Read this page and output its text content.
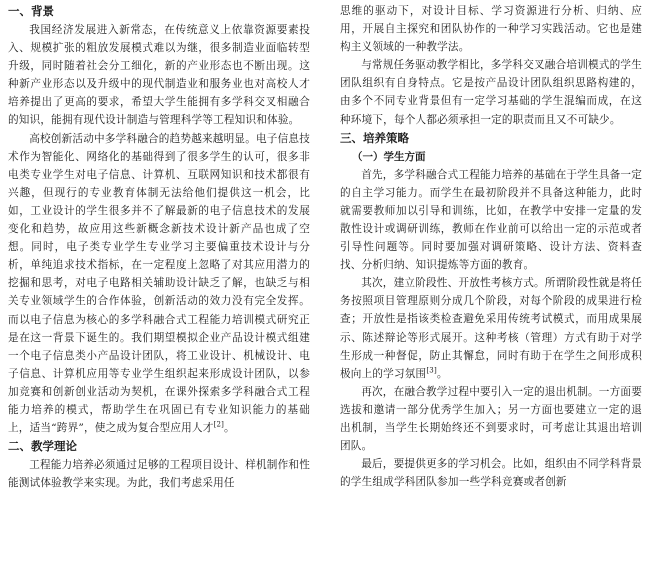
一、背景

我国经济发展进入新常态，在传统意义上依靠资源要素投入、规模扩张的粗放发展模式难以为继，很多制造业面临转型升级，同时随着社会分工细化，新的产业形态也不断出现。这种新产业形态以及升级中的现代制造业和服务业也对高校人才培养提出了更高的要求，希望大学生能拥有多学科交叉相融合的知识，能拥有现代设计制造与管理科学等工程知识和体验。

高校创新活动中多学科融合的趋势越来越明显。电子信息技术作为智能化、网络化的基础得到了很多学生的认可，很多非电类专业学生对电子信息、计算机、互联网知识和技术都很有兴趣，但现行的专业教育体制无法给他们提供这一机会，比如，工业设计的学生很多并不了解最新的电子信息技术的发展变化和趋势，故应用这些新概念新技术设计新产品也成了空想。同时，电子类专业学生专业学习主要偏重技术设计与分析，单纯追求技术指标，在一定程度上忽略了对其应用潜力的挖掘和思考，对电子电路相关辅助设计缺乏了解，也缺乏与相关专业领域学生的合作体验，创新活动的效力没有完全发挥。而以电子信息为核心的多学科融合式工程能力培训模式研究正是在这一背景下诞生的。我们期望模拟企业产品设计模式组建一个电子信息类小产品设计团队，将工业设计、机械设计、电子信息、计算机应用等专业学生组织起来形成设计团队，以参加竞赛和创新创业活动为契机，在课外探索多学科融合式工程能力培养的模式，帮助学生在巩固已有专业知识能力的基础上，适当“跨界”，使之成为复合型应用人才[2]。

二、教学理论

工程能力培养必须通过足够的工程项目设计、样机制作和性能测试体验教学来实现。为此，我们考虑采用任

思维的驱动下，对设计目标、学习资源进行分析、归纳、应用，开展自主探究和团队协作的一种学习实践活动。它也是建构主义领域的一种教学法。

与常规任务驱动教学相比，多学科交叉融合培训模式的学生团队组织有自身特点。它是按产品设计团队组织思路构建的，由多个不同专业背景但有一定学习基础的学生混编而成，在这种环境下，每个人都必须承担一定的职责而且又不可缺少。

三、培养策略
（一）学生方面

首先，多学科融合式工程能力培养的基础在于学生具备一定的自主学习能力。而学生在最初阶段并不具备这种能力，此时就需要教师加以引导和训练，比如，在教学中安排一定量的发散性设计或调研训练，教师在作业前可以给出一定的示范或者引导性问题等。同时要加强对调研策略、设计方法、资料查找、分析归纳、知识提炼等方面的教育。

其次，建立阶段性、开放性考核方式。所谓阶段性就是将任务按照项目管理原则分成几个阶段，对每个阶段的成果进行检查；开放性是指该类检查避免采用传统考试模式，而用成果展示、陈述辩论等形式展开。这种考核（管理）方式有助于对学生形成一种督促，防止其懈怠，同时有助于在学生之间形成积极向上的学习氛围[3]。

再次，在融合教学过程中要引入一定的退出机制。一方面要选拔和邀请一部分优秀学生加入；另一方面也要建立一定的退出机制，当学生长期始终还不到要求时，可考虑让其退出培训团队。

最后，要提供更多的学习机会。比如，组织由不同学科背景的学生组成学科团队参加一些学科竞赛或者创新
